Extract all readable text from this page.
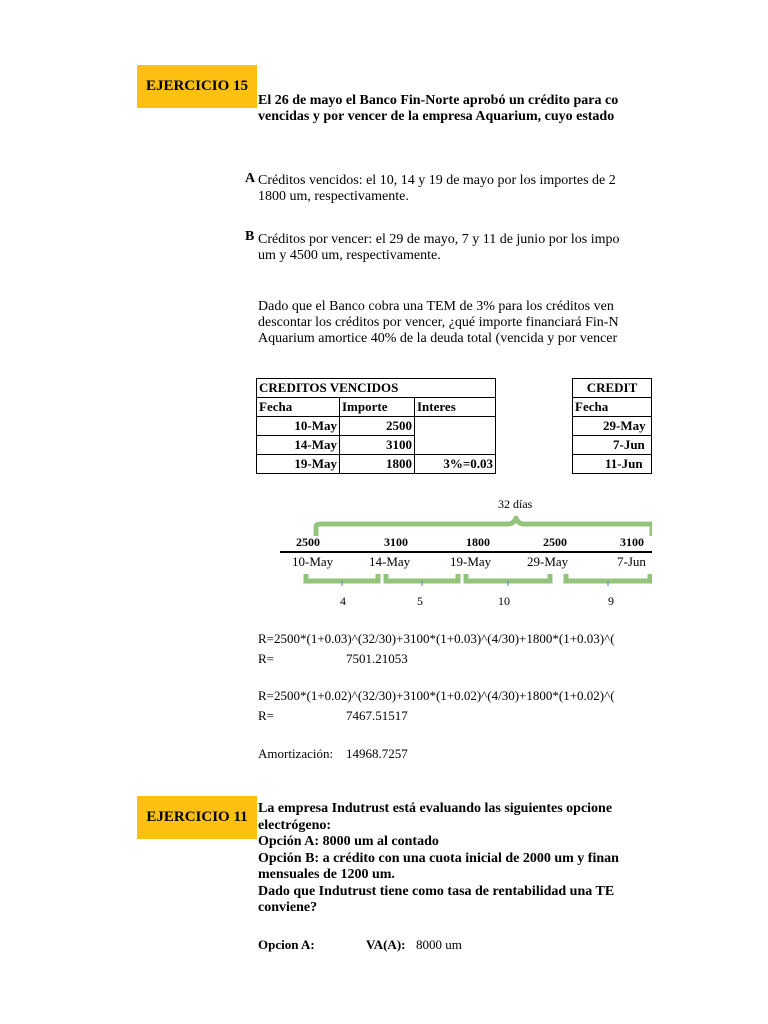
EJERCICIO 15
El 26 de mayo el Banco Fin-Norte aprobó un crédito para co
vencidas y por vencer de la empresa Aquarium, cuyo estado
A Créditos vencidos: el 10, 14 y 19 de mayo por los importes de 2
1800 um, respectivamente.
B Créditos por vencer: el 29 de mayo, 7 y 11 de junio por los impo
um y 4500 um, respectivamente.
Dado que el Banco cobra una TEM de 3% para los créditos ven
descontar los créditos por vencer, ¿qué importe financiará Fin-N
Aquarium amortice 40% de la deuda total (vencida y por vencer
CREDITOS VENCIDOS		
Fecha	Importe	Interes
10-May	2500	
14-May	3100	
19-May	1800	3%=0.03
CREDIT
Fecha
29-May
7-Jun
11-Jun
32 días
2500	3100	1800	2500	3100
10-May	14-May	19-May	29-May	7-Jun
4	5	10	9
R=2500*(1+0.03)^(32/30)+3100*(1+0.03)^(4/30)+1800*(1+0.03)^(
R=	7501.21053
R=2500*(1+0.02)^(32/30)+3100*(1+0.02)^(4/30)+1800*(1+0.02)^(
R=	7467.51517
Amortización: 14968.7257
EJERCICIO 11
La empresa Indutrust está evaluando las siguientes opcione
electrógeno:
Opción A: 8000 um al contado
Opción B: a crédito con una cuota inicial de 2000 um y finan
mensuales de 1200 um.
Dado que Indutrust tiene como tasa de rentabilidad una TE
conviene?
Opcion A:	VA(A): 8000 um
